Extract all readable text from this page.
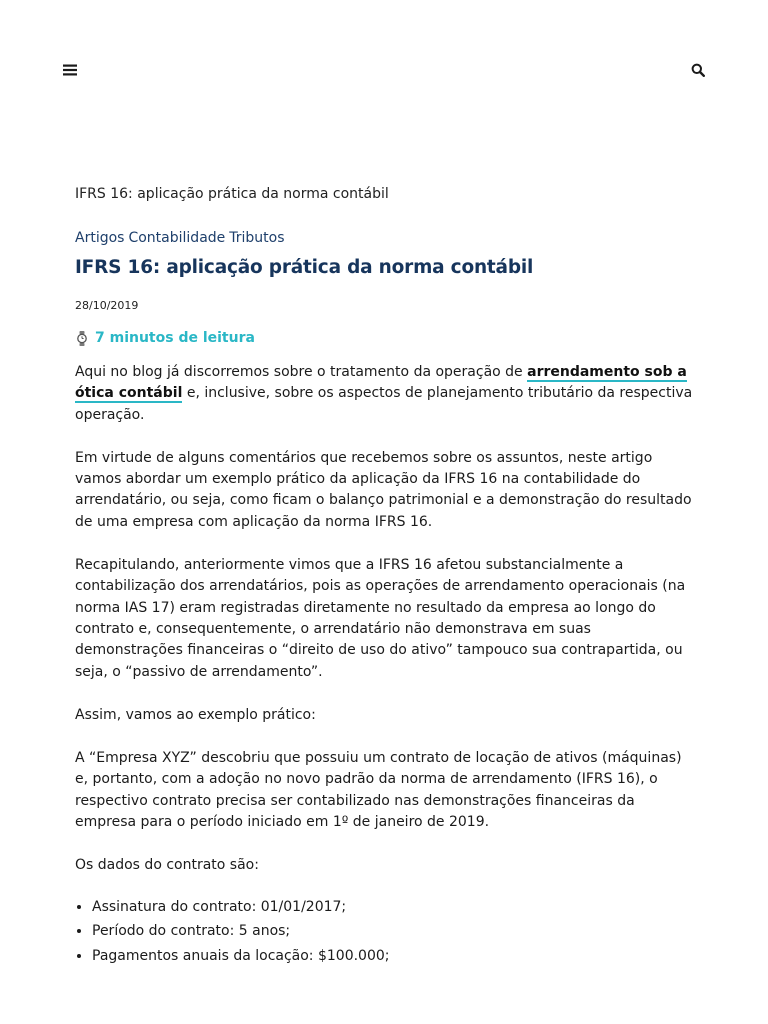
IFRS 16: aplicação prática da norma contábil
Artigos Contabilidade Tributos
IFRS 16: aplicação prática da norma contábil
28/10/2019
7 minutos de leitura

Aqui no blog já discorremos sobre o tratamento da operação de arrendamento sob a ótica contábil e, inclusive, sobre os aspectos de planejamento tributário da respectiva operação.

Em virtude de alguns comentários que recebemos sobre os assuntos, neste artigo vamos abordar um exemplo prático da aplicação da IFRS 16 na contabilidade do arrendatário, ou seja, como ficam o balanço patrimonial e a demonstração do resultado de uma empresa com aplicação da norma IFRS 16.

Recapitulando, anteriormente vimos que a IFRS 16 afetou substancialmente a contabilização dos arrendatários, pois as operações de arrendamento operacionais (na norma IAS 17) eram registradas diretamente no resultado da empresa ao longo do contrato e, consequentemente, o arrendatário não demonstrava em suas demonstrações financeiras o “direito de uso do ativo” tampouco sua contrapartida, ou seja, o “passivo de arrendamento”.

Assim, vamos ao exemplo prático:

A “Empresa XYZ” descobriu que possuiu um contrato de locação de ativos (máquinas) e, portanto, com a adoção no novo padrão da norma de arrendamento (IFRS 16), o respectivo contrato precisa ser contabilizado nas demonstrações financeiras da empresa para o período iniciado em 1º de janeiro de 2019.

Os dados do contrato são:

• Assinatura do contrato: 01/01/2017;
• Período do contrato: 5 anos;
• Pagamentos anuais da locação: $100.000;
